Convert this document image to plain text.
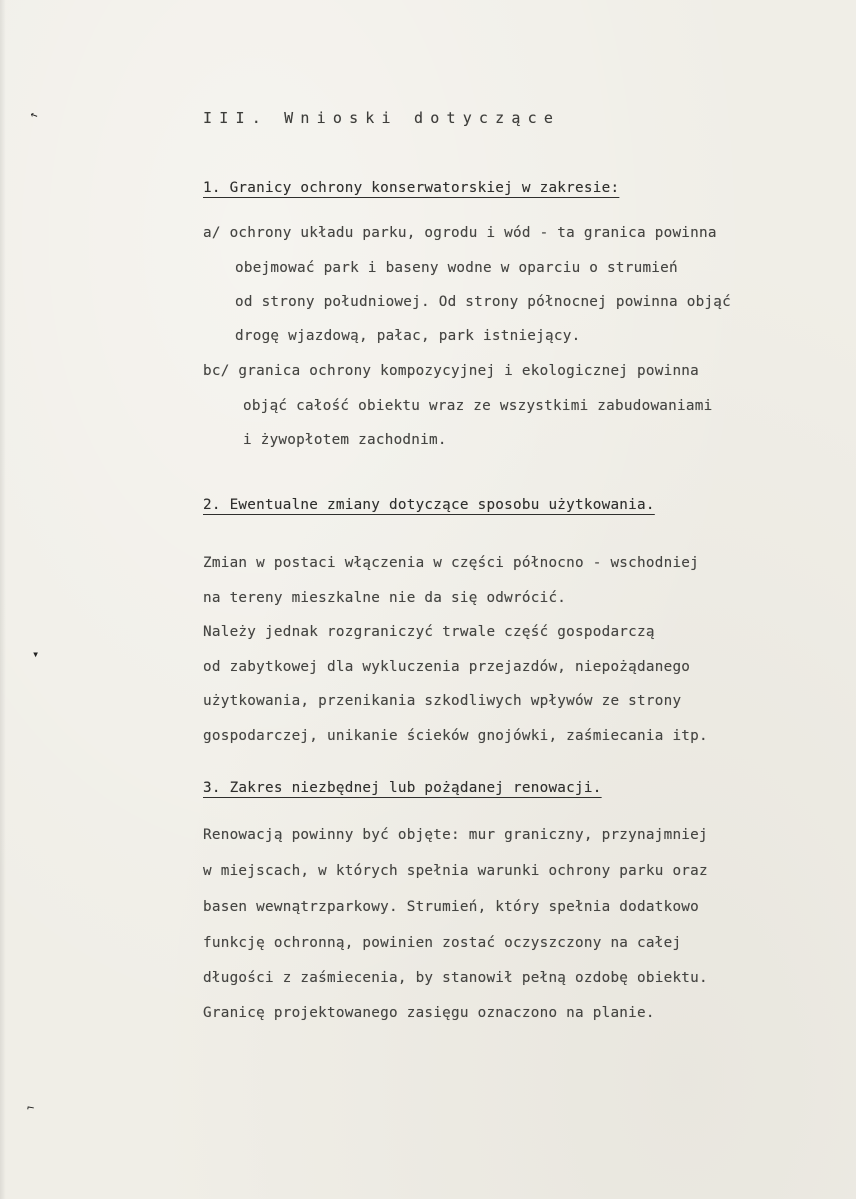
↖
▾
⌐
III. Wnioski dotyczące
1. Granicy ochrony konserwatorskiej w zakresie:
a/ ochrony układu parku, ogrodu i wód - ta granica powinna
obejmować park i baseny wodne w oparciu o strumień
od strony południowej. Od strony północnej powinna objąć
drogę wjazdową, pałac, park istniejący.
bc/ granica ochrony kompozycyjnej i ekologicznej powinna
objąć całość obiektu wraz ze wszystkimi zabudowaniami
i żywopłotem zachodnim.
2. Ewentualne zmiany dotyczące sposobu użytkowania.
Zmian w postaci włączenia w części północno - wschodniej
na tereny mieszkalne nie da się odwrócić.
Należy jednak rozgraniczyć trwale część gospodarczą
od zabytkowej dla wykluczenia przejazdów, niepożądanego
użytkowania, przenikania szkodliwych wpływów ze strony
gospodarczej, unikanie ścieków gnojówki, zaśmiecania itp.
3. Zakres niezbędnej lub pożądanej renowacji.
Renowacją powinny być objęte: mur graniczny, przynajmniej
w miejscach, w których spełnia warunki ochrony parku oraz
basen wewnątrzparkowy. Strumień, który spełnia dodatkowo
funkcję ochronną, powinien zostać oczyszczony na całej
długości z zaśmiecenia, by stanowił pełną ozdobę obiektu.
Granicę projektowanego zasięgu oznaczono na planie.
